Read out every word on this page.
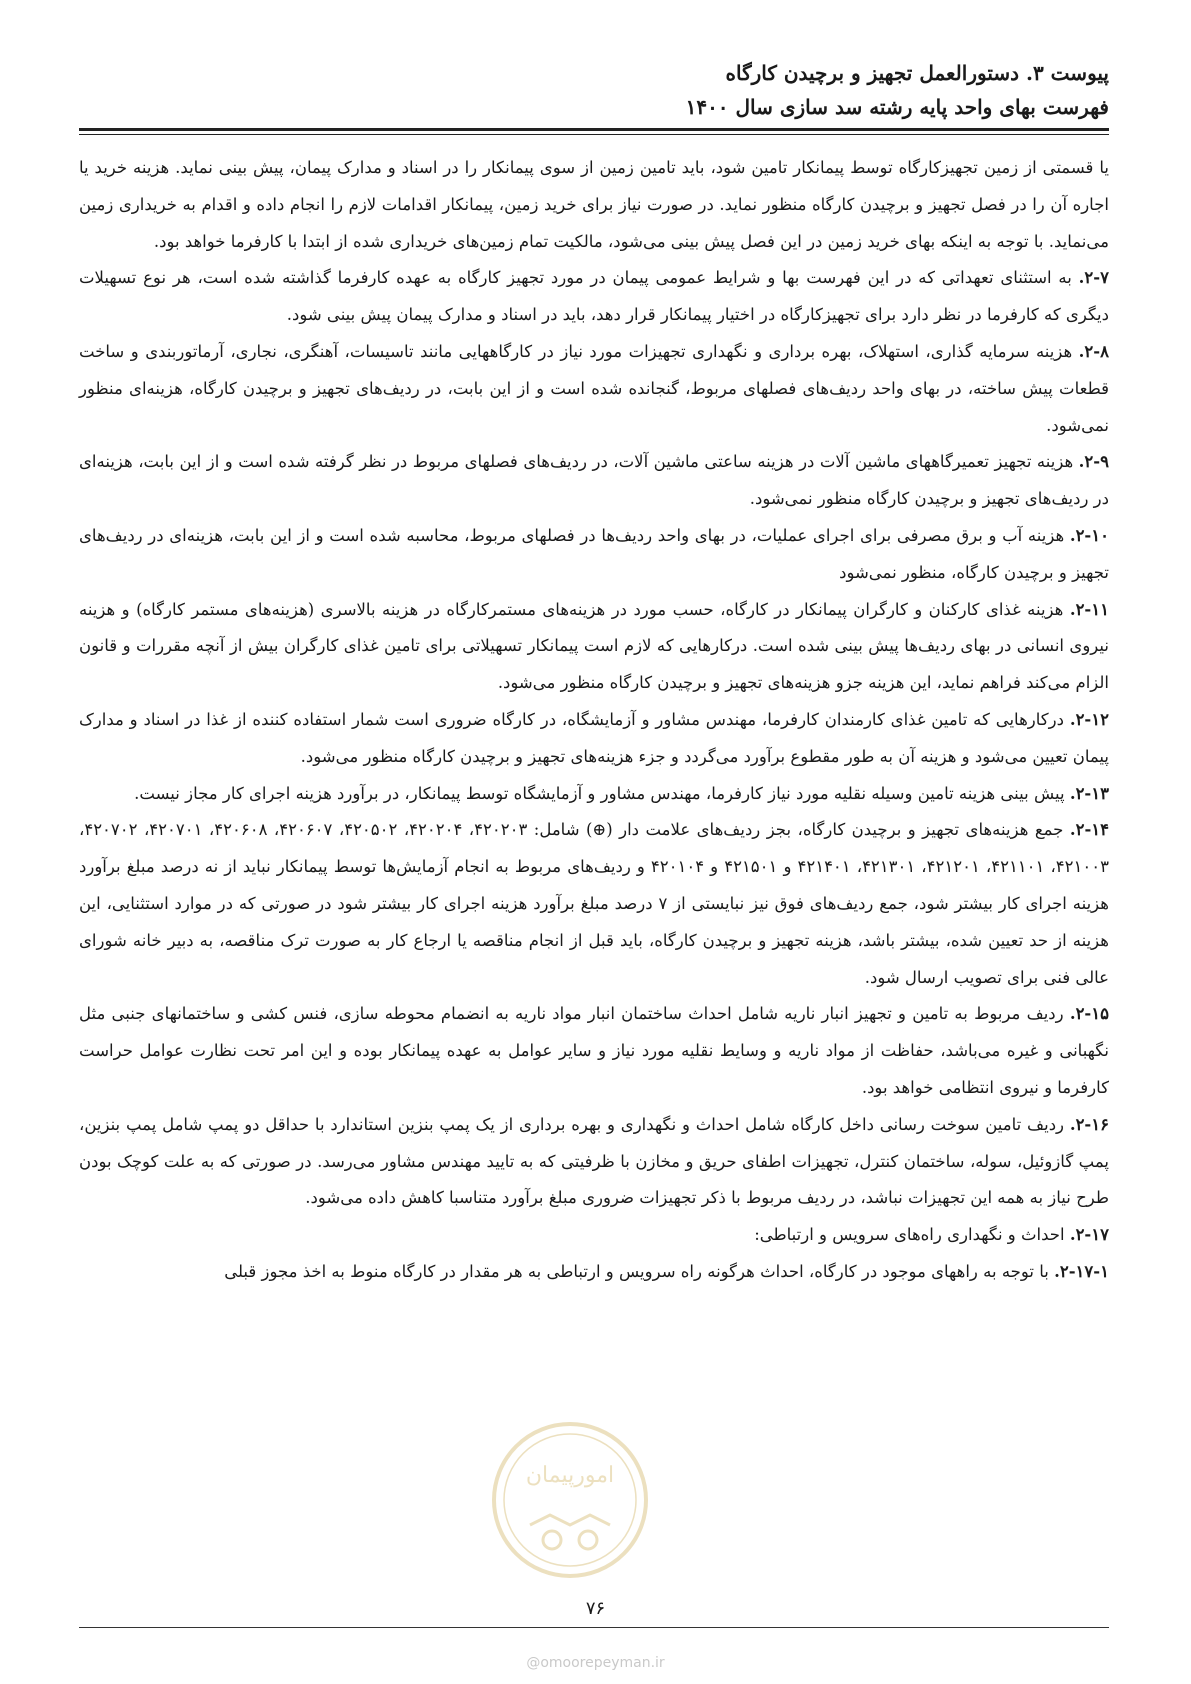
پیوست ۳. دستورالعمل تجهیز و برچیدن کارگاه
فهرست بهای واحد پایه رشته سد سازی سال ۱۴۰۰

یا قسمتی از زمین تجهیزکارگاه توسط پیمانکار تامین شود، باید تامین زمین از سوی پیمانکار را در اسناد و مدارک پیمان، پیش بینی نماید. هزینه خرید یا اجاره آن را در فصل تجهیز و برچیدن کارگاه منظور نماید. در صورت نیاز برای خرید زمین، پیمانکار اقدامات لازم را انجام داده و اقدام به خریداری زمین می‌نماید. با توجه به اینکه بهای خرید زمین در این فصل پیش بینی می‌شود، مالکیت تمام زمین‌های خریداری شده از ابتدا با کارفرما خواهد بود.

۲-۷. به استثنای تعهداتی که در این فهرست بها و شرایط عمومی پیمان در مورد تجهیز کارگاه به عهده کارفرما گذاشته شده است، هر نوع تسهیلات دیگری که کارفرما در نظر دارد برای تجهیزکارگاه در اختیار پیمانکار قرار دهد، باید در اسناد و مدارک پیمان پیش بینی شود.

۲-۸. هزینه سرمایه گذاری، استهلاک، بهره برداری و نگهداری تجهیزات مورد نیاز در کارگاههایی مانند تاسیسات، آهنگری، نجاری، آرماتوربندی و ساخت قطعات پیش ساخته، در بهای واحد ردیف‌های فصلهای مربوط، گنجانده شده است و از این بابت، در ردیف‌های تجهیز و برچیدن کارگاه، هزینه‌ای منظور نمی‌شود.

۲-۹. هزینه تجهیز تعمیرگاههای ماشین آلات در هزینه ساعتی ماشین آلات، در ردیف‌های فصلهای مربوط در نظر گرفته شده است و از این بابت، هزینه‌ای در ردیف‌های تجهیز و برچیدن کارگاه منظور نمی‌شود.

۲-۱۰. هزینه آب و برق مصرفی برای اجرای عملیات، در بهای واحد ردیف‌ها در فصلهای مربوط، محاسبه شده است و از این بابت، هزینه‌ای در ردیف‌های تجهیز و برچیدن کارگاه، منظور نمی‌شود

۲-۱۱. هزینه غذای کارکنان و کارگران پیمانکار در کارگاه، حسب مورد در هزینه‌های مستمرکارگاه در هزینه بالاسری (هزینه‌های مستمر کارگاه) و هزینه نیروی انسانی در بهای ردیف‌ها پیش بینی شده است. درکارهایی که لازم است پیمانکار تسهیلاتی برای تامین غذای کارگران بیش از آنچه مقررات و قانون الزام می‌کند فراهم نماید، این هزینه جزو هزینه‌های تجهیز و برچیدن کارگاه منظور می‌شود.

۲-۱۲. درکارهایی که تامین غذای کارمندان کارفرما، مهندس مشاور و آزمایشگاه، در کارگاه ضروری است شمار استفاده کننده از غذا در اسناد و مدارک پیمان تعیین می‌شود و هزینه آن به طور مقطوع برآورد می‌گردد و جزء هزینه‌های تجهیز و برچیدن کارگاه منظور می‌شود.

۲-۱۳. پیش بینی هزینه تامین وسیله نقلیه مورد نیاز کارفرما، مهندس مشاور و آزمایشگاه توسط پیمانکار، در برآورد هزینه اجرای کار مجاز نیست.

۲-۱۴. جمع هزینه‌های تجهیز و برچیدن کارگاه، بجز ردیف‌های علامت دار (⊕) شامل: ۴۲۰۲۰۳، ۴۲۰۲۰۴، ۴۲۰۵۰۲، ۴۲۰۶۰۷، ۴۲۰۶۰۸، ۴۲۰۷۰۱، ۴۲۰۷۰۲، ۴۲۱۰۰۳، ۴۲۱۱۰۱، ۴۲۱۲۰۱، ۴۲۱۳۰۱، ۴۲۱۴۰۱ و ۴۲۱۵۰۱ و ۴۲۰۱۰۴ و ردیف‌های مربوط به انجام آزمایش‌ها توسط پیمانکار نباید از نه درصد مبلغ برآورد هزینه اجرای کار بیشتر شود، جمع ردیف‌های فوق نیز نبایستی از ۷ درصد مبلغ برآورد هزینه اجرای کار بیشتر شود در صورتی که در موارد استثنایی، این هزینه از حد تعیین شده، بیشتر باشد، هزینه تجهیز و برچیدن کارگاه، باید قبل از انجام مناقصه یا ارجاع کار به صورت ترک مناقصه، به دبیر خانه شورای عالی فنی برای تصویب ارسال شود.

۲-۱۵. ردیف مربوط به تامین و تجهیز انبار ناریه شامل احداث ساختمان انبار مواد ناریه به انضمام محوطه سازی، فنس کشی و ساختمانهای جنبی مثل نگهبانی و غیره می‌باشد، حفاظت از مواد ناریه و وسایط نقلیه مورد نیاز و سایر عوامل به عهده پیمانکار بوده و این امر تحت نظارت عوامل حراست کارفرما و نیروی انتظامی خواهد بود.

۲-۱۶. ردیف تامین سوخت رسانی داخل کارگاه شامل احداث و نگهداری و بهره برداری از یک پمپ بنزین استاندارد با حداقل دو پمپ شامل پمپ بنزین، پمپ گازوئیل، سوله، ساختمان کنترل، تجهیزات اطفای حریق و مخازن با ظرفیتی که به تایید مهندس مشاور می‌رسد. در صورتی که به علت کوچک بودن طرح نیاز به همه این تجهیزات نباشد، در ردیف مربوط با ذکر تجهیزات ضروری مبلغ برآورد متناسبا کاهش داده می‌شود.

۲-۱۷. احداث و نگهداری راه‌های سرویس و ارتباطی:

۲-۱۷-۱. با توجه به راههای موجود در کارگاه، احداث هرگونه راه سرویس و ارتباطی به هر مقدار در کارگاه منوط به اخذ مجوز قبلی

امورپیمان
۷۶
@omoorepeyman.ir
